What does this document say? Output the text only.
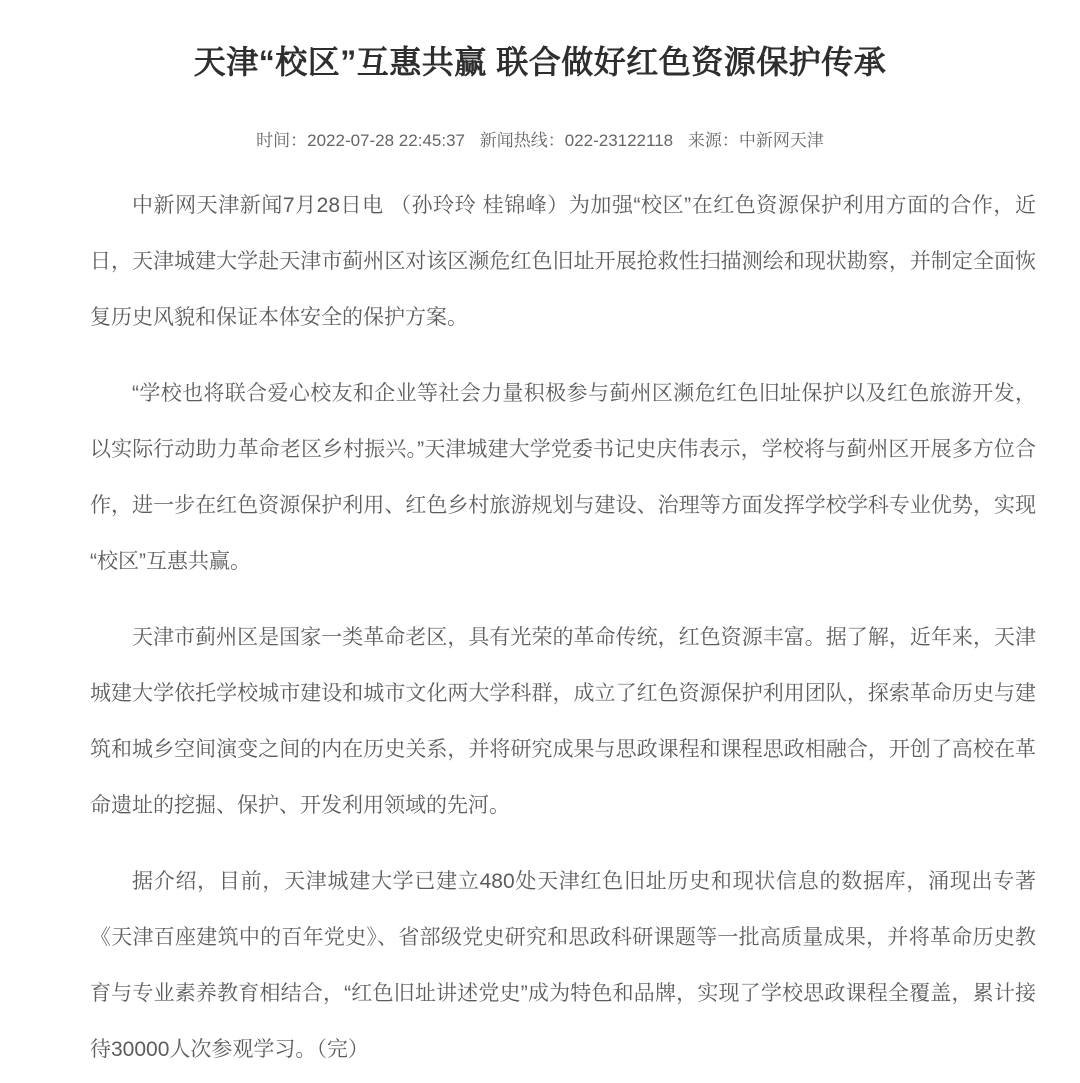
天津“校区”互惠共赢 联合做好红色资源保护传承
时间：2022-07-28 22:45:37 新闻热线：022-23122118 来源：中新网天津

中新网天津新闻7月28日电 （孙玲玲 桂锦峰）为加强“校区”在红色资源保护利用方面的合作，近日，天津城建大学赴天津市蓟州区对该区濒危红色旧址开展抢救性扫描测绘和现状勘察，并制定全面恢复历史风貌和保证本体安全的保护方案。

“学校也将联合爱心校友和企业等社会力量积极参与蓟州区濒危红色旧址保护以及红色旅游开发，以实际行动助力革命老区乡村振兴。”天津城建大学党委书记史庆伟表示，学校将与蓟州区开展多方位合作，进一步在红色资源保护利用、红色乡村旅游规划与建设、治理等方面发挥学校学科专业优势，实现“校区”互惠共赢。

天津市蓟州区是国家一类革命老区，具有光荣的革命传统，红色资源丰富。据了解，近年来，天津城建大学依托学校城市建设和城市文化两大学科群，成立了红色资源保护利用团队，探索革命历史与建筑和城乡空间演变之间的内在历史关系，并将研究成果与思政课程和课程思政相融合，开创了高校在革命遗址的挖掘、保护、开发利用领域的先河。

据介绍，目前，天津城建大学已建立480处天津红色旧址历史和现状信息的数据库，涌现出专著《天津百座建筑中的百年党史》、省部级党史研究和思政科研课题等一批高质量成果，并将革命历史教育与专业素养教育相结合，“红色旧址讲述党史”成为特色和品牌，实现了学校思政课程全覆盖，累计接待30000人次参观学习。（完）
